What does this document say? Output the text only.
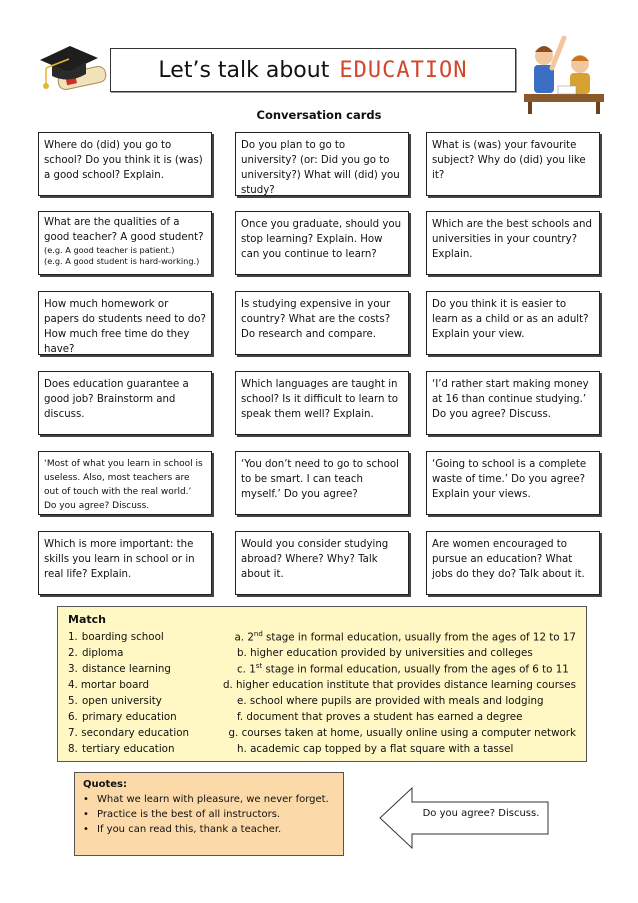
Let’s talk about EDUCATION
Conversation cards
Where do (did) you go to school? Do you think it is (was) a good school? Explain.
Do you plan to go to university? (or: Did you go to university?) What will (did) you study?
What is (was) your favourite subject? Why do (did) you like it?
What are the qualities of a good teacher? A good student?
(e.g. A good teacher is patient.)
(e.g. A good student is hard-working.)
Once you graduate, should you stop learning? Explain. How can you continue to learn?
Which are the best schools and universities in your country? Explain.
How much homework or papers do students need to do? How much free time do they have?
Is studying expensive in your country? What are the costs? Do research and compare.
Do you think it is easier to learn as a child or as an adult? Explain your view.
Does education guarantee a good job? Brainstorm and discuss.
Which languages are taught in school? Is it difficult to learn to speak them well? Explain.
‘I’d rather start making money at 16 than continue studying.’ Do you agree? Discuss.
‘Most of what you learn in school is useless. Also, most teachers are out of touch with the real world.’ Do you agree? Discuss.
‘You don’t need to go to school to be smart. I can teach myself.’ Do you agree?
‘Going to school is a complete waste of time.’ Do you agree? Explain your views.
Which is more important: the skills you learn in school or in real life? Explain.
Would you consider studying abroad? Where? Why? Talk about it.
Are women encouraged to pursue an education? What jobs do they do? Talk about it.
Match
1. boarding school	a. 2nd stage in formal education, usually from the ages of 12 to 17
2. diploma	b. higher education provided by universities and colleges
3. distance learning	c. 1st stage in formal education, usually from the ages of 6 to 11
4. mortar board	d. higher education institute that provides distance learning courses
5. open university	e. school where pupils are provided with meals and lodging
6. primary education	f. document that proves a student has earned a degree
7. secondary education	g. courses taken at home, usually online using a computer network
8. tertiary education	h. academic cap topped by a flat square with a tassel
Quotes:
• What we learn with pleasure, we never forget.
• Practice is the best of all instructors.
• If you can read this, thank a teacher.
Do you agree? Discuss.
